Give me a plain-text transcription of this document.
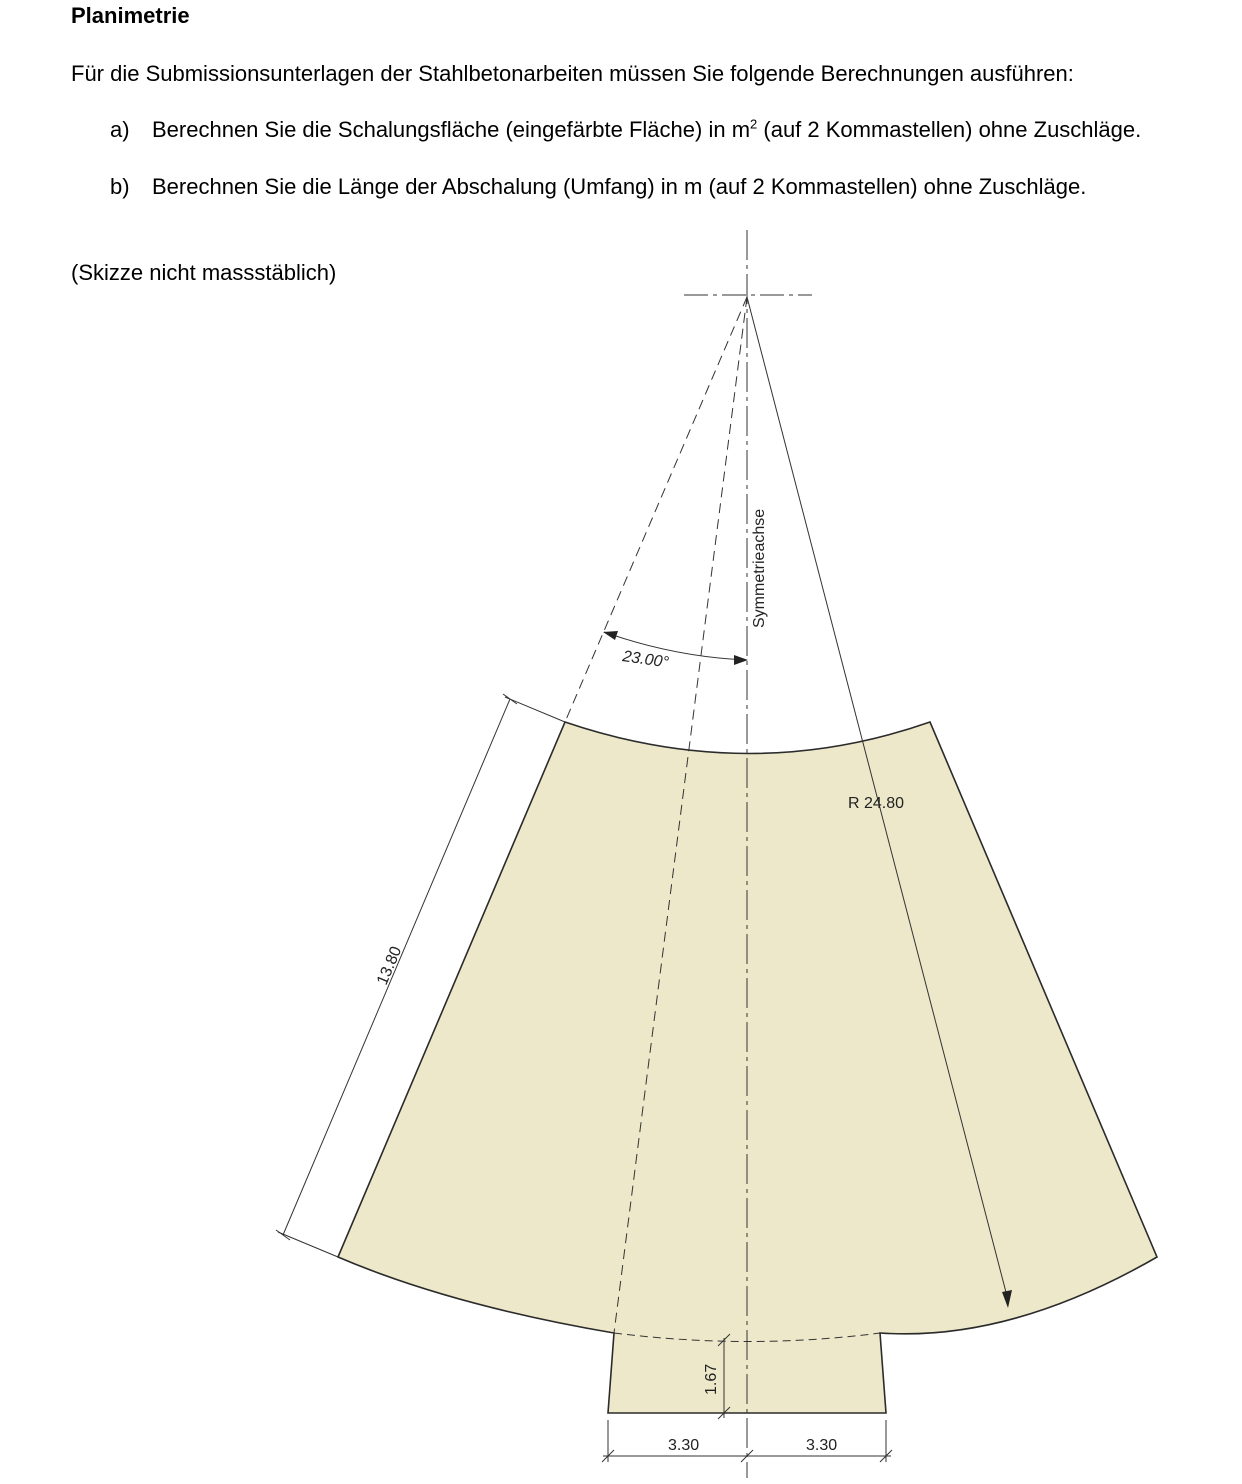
Planimetrie
Für die Submissionsunterlagen der Stahlbetonarbeiten müssen Sie folgende Berechnungen ausführen:
a) Berechnen Sie die Schalungsfläche (eingefärbte Fläche) in $m^2$ (auf 2 Kommastellen) ohne Zuschläge.
b) Berechnen Sie die Länge der Abschalung (Umfang) in m (auf 2 Kommastellen) ohne Zuschläge.
(Skizze nicht massstäblich)
Symmetrieachse
23.00°
R 24.80
13.80
1.67
3.30	3.30
